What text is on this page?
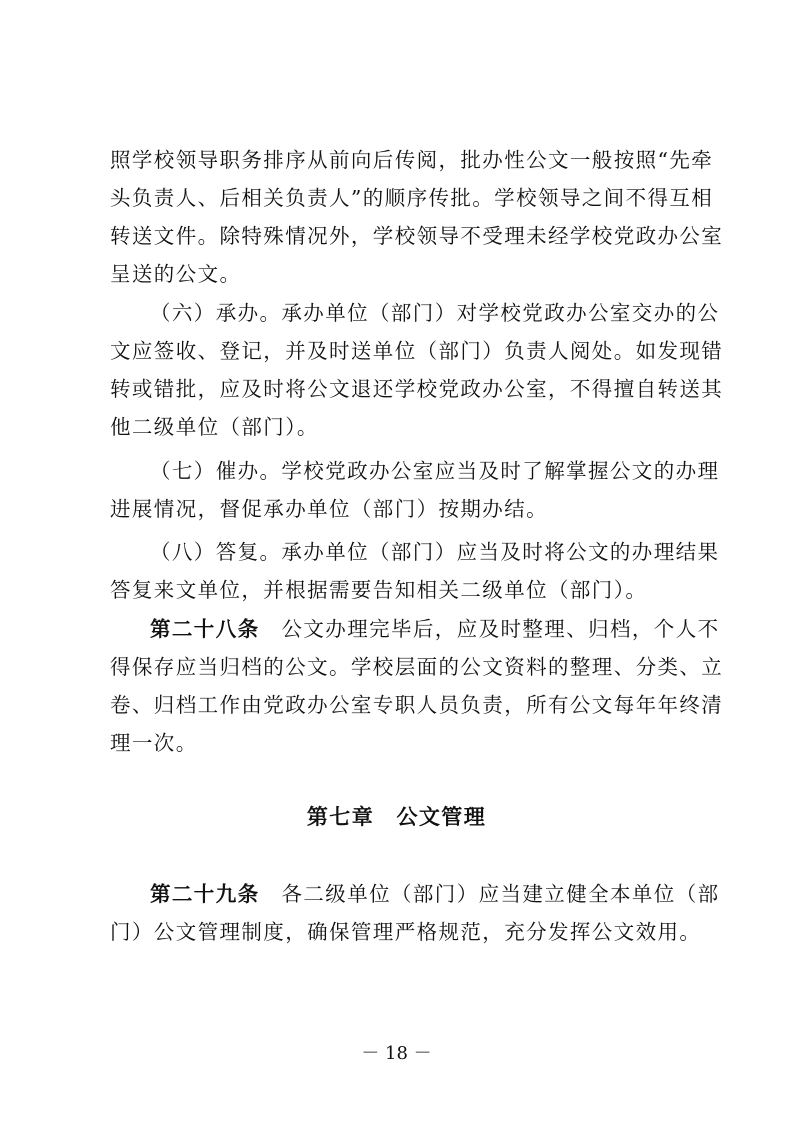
照学校领导职务排序从前向后传阅，批办性公文一般按照“先牵
头负责人、后相关负责人”的顺序传批。学校领导之间不得互相
转送文件。除特殊情况外，学校领导不受理未经学校党政办公室
呈送的公文。
（六）承办。承办单位（部门）对学校党政办公室交办的公
文应签收、登记，并及时送单位（部门）负责人阅处。如发现错
转或错批，应及时将公文退还学校党政办公室，不得擅自转送其
他二级单位（部门）。
（七）催办。学校党政办公室应当及时了解掌握公文的办理
进展情况，督促承办单位（部门）按期办结。
（八）答复。承办单位（部门）应当及时将公文的办理结果
答复来文单位，并根据需要告知相关二级单位（部门）。
第二十八条 公文办理完毕后，应及时整理、归档，个人不
得保存应当归档的公文。学校层面的公文资料的整理、分类、立
卷、归档工作由党政办公室专职人员负责，所有公文每年年终清
理一次。
第七章　公文管理
第二十九条 各二级单位（部门）应当建立健全本单位（部
门）公文管理制度，确保管理严格规范，充分发挥公文效用。
－ 18 －
